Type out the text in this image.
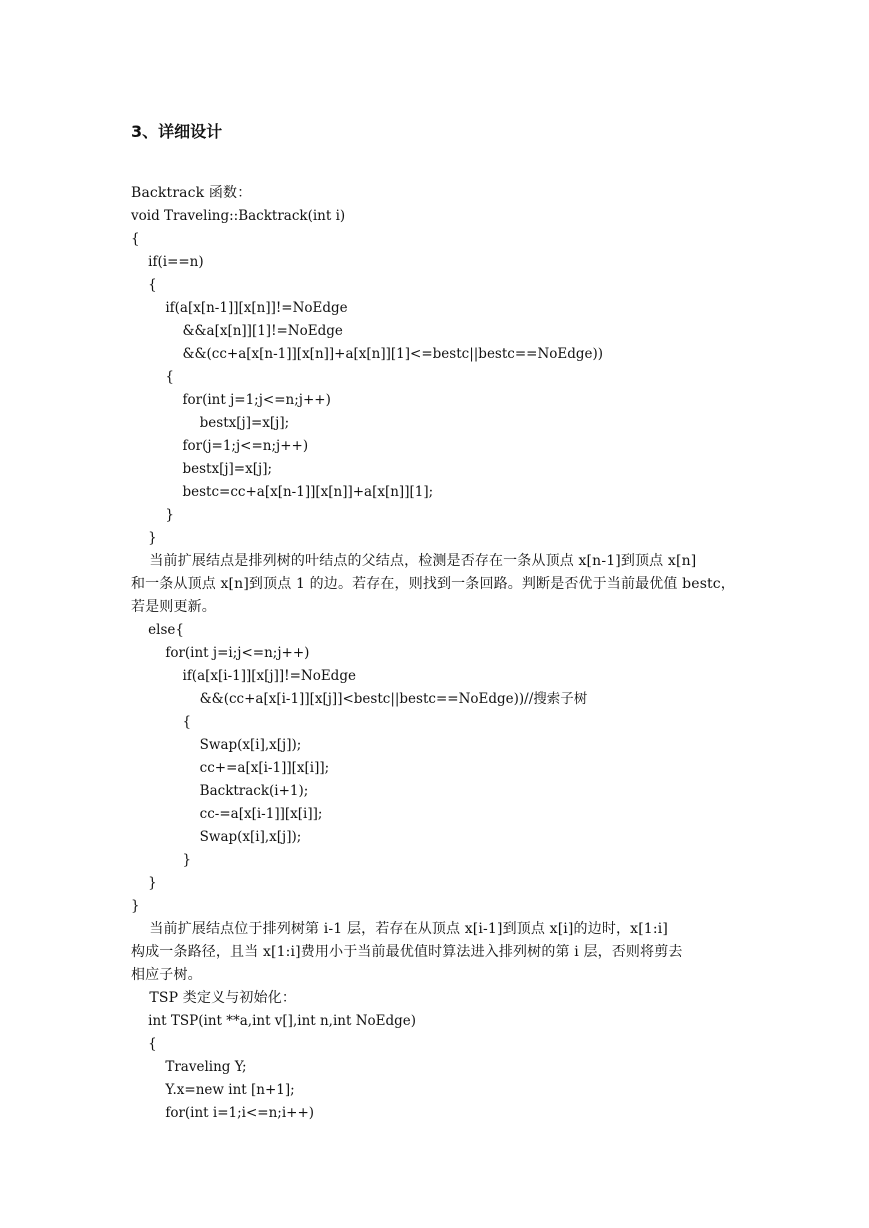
3、详细设计
Backtrack 函数：
void Traveling::Backtrack(int i)
{
if(i==n)
{
if(a[x[n-1]][x[n]]!=NoEdge
&&a[x[n]][1]!=NoEdge
&&(cc+a[x[n-1]][x[n]]+a[x[n]][1]<=bestc||bestc==NoEdge))
{
for(int j=1;j<=n;j++)
bestx[j]=x[j];
for(j=1;j<=n;j++)
bestx[j]=x[j];
bestc=cc+a[x[n-1]][x[n]]+a[x[n]][1];
}
}
当前扩展结点是排列树的叶结点的父结点，检测是否存在一条从顶点 x[n-1]到顶点 x[n]
和一条从顶点 x[n]到顶点 1 的边。若存在，则找到一条回路。判断是否优于当前最优值 bestc，
若是则更新。
else{
for(int j=i;j<=n;j++)
if(a[x[i-1]][x[j]]!=NoEdge
&&(cc+a[x[i-1]][x[j]]<bestc||bestc==NoEdge))//搜索子树
{
Swap(x[i],x[j]);
cc+=a[x[i-1]][x[i]];
Backtrack(i+1);
cc-=a[x[i-1]][x[i]];
Swap(x[i],x[j]);
}
}
}
当前扩展结点位于排列树第 i-1 层，若存在从顶点 x[i-1]到顶点 x[i]的边时，x[1:i]
构成一条路径，且当 x[1:i]费用小于当前最优值时算法进入排列树的第 i 层，否则将剪去
相应子树。
TSP 类定义与初始化：
int TSP(int **a,int v[],int n,int NoEdge)
{
Traveling Y;
Y.x=new int [n+1];
for(int i=1;i<=n;i++)
